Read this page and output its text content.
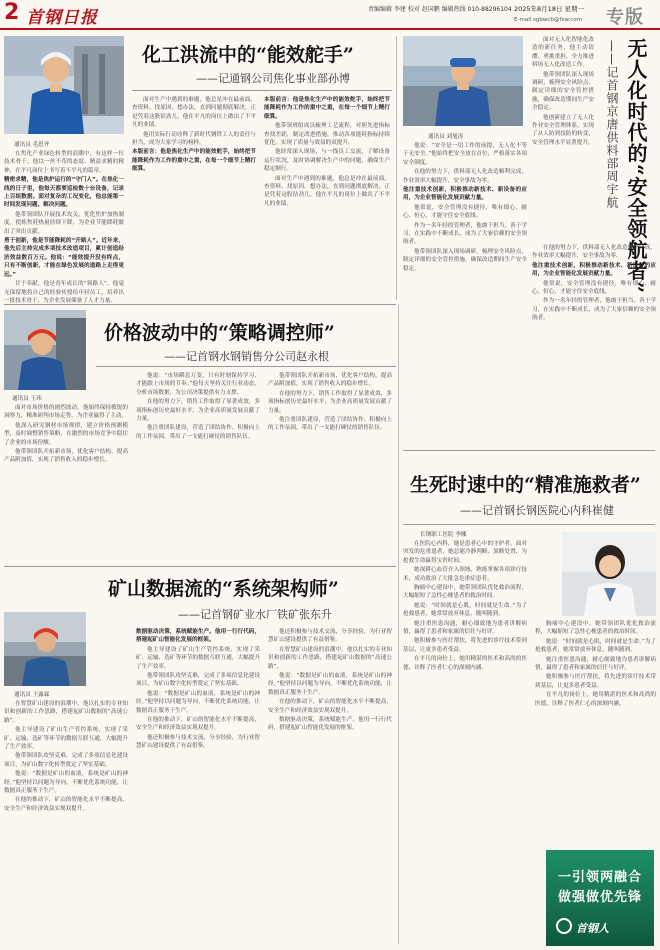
2 首钢日报	责编编辑 李建 校对 赵国鹏 编辑热线 010-88296104 2025年8月18日 星期一
E-mail sgbwcb@fxw.com 专版
通讯员 毛思齐

在焦化产业绿色转型的浪潮中，有这样一位技术骨干。他以一丝不苟的态度、精益求精的精神，在平凡岗位上书写着不平凡的篇章。

精密求精，他是焦炉运行的“守门人”。在焦化一线的日子里，他每天都要巡检数十台设备，记录上百组数据。面对复杂的工况变化，他总能第一时间发现问题、解决问题。

他带领团队开展技术攻关，优化焦炉加热制度，使炼焦耗热量持续下降，为企业节能降耗做出了突出贡献。

勇于创新，他是节能降耗的“开路人”。近年来，他先后主持完成多项技术改造项目，累计创造经济效益数百万元。他说：“能效提升没有终点，只有不断创新，才能在绿色发展的道路上走得更远。”

甘于奉献，他是青年成长的“领路人”。他毫无保留地将自己的经验传授给年轻员工，培养出一批技术骨干，为企业发展储备了人才力量。

化工洪流中的“能效舵手”
——记通钢公司焦化事业部孙博

面对生产中遇到的难题，他总是冲在最前面，查资料、找原因、想办法，直到问题彻底解决。正是凭着这股钻劲儿，他在平凡的岗位上做出了不平凡的业绩。

他用实际行动诠释了新时代钢铁工人的责任与担当，成为大家学习的榜样。

本版前言：他是焦化生产中的能效舵手，始终把节能降耗作为工作的重中之重，在每一个细节上精打细算。

本版前言：他是焦化生产中的能效舵手，始终把节能降耗作为工作的重中之重，在每一个细节上精打细算。

他带领班组成员梳理工艺流程，对照先进指标查找差距，制定改进措施，推动各项能耗指标持续优化，实现了质量与效益的双提升。

他经常深入现场，与一线员工交流，了解设备运行状况，及时协调解决生产中的问题，确保生产稳定顺行。

面对生产中遇到的难题，他总是冲在最前面，查资料、找原因、想办法，直到问题彻底解决。正是凭着这股钻劲儿，他在平凡的岗位上做出了不平凡的业绩。

通讯员 刘旭涛	无人化时代的“安全领航者”
——记首钢京唐供料部周宇航

面对无人化智能化改造的新任务，他主动请缨、勇挑重担，全力推进料场无人化改造工作。

他带领团队深入现场调研，梳理安全风险点，制定详细的安全管控措施，确保改造期间生产安全稳定。

他创新建立了无人化作业安全管理体系，实现了从人防到技防的转变，安全管理水平显著提升。

他说：“安全是一切工作的前提，无人化不等于无安全。”他始终把安全放在首位，严格落实各项安全制度。

在他的努力下，供料部无人化改造顺利完成，作业效率大幅提升，安全事故为零。

他注重技术创新，积极推动新技术、新设备的应用，为企业智能化发展贡献力量。

他常说，安全管理没有捷径，唯有细心、耐心、恒心，才能守住安全底线。

作为一名年轻的管理者，他敢于担当、善于学习，在实践中不断成长，成为了大家信赖的安全领航者。

他带领团队深入现场调研，梳理安全风险点，制定详细的安全管控措施，确保改造期间生产安全稳定。

在他的努力下，供料部无人化改造顺利完成，作业效率大幅提升，安全事故为零。

他注重技术创新，积极推动新技术、新设备的应用，为企业智能化发展贡献力量。

他常说，安全管理没有捷径，唯有细心、耐心、恒心，才能守住安全底线。

作为一名年轻的管理者，他敢于担当、善于学习，在实践中不断成长，成为了大家信赖的安全领航者。

通讯员 王玮
价格波动中的“策略调控师”
——记首钢水钢销售分公司赵永根

面对市场价格的剧烈波动，他始终保持敏锐的洞察力，精准研判市场走势，为企业赢得了主动。

他深入研究钢材市场规律，建立价格预测模型，及时调整销售策略，在激烈的市场竞争中稳住了企业的市场份额。

他带领团队开拓新市场，优化客户结构，提高产品附加值，实现了销售收入的稳步增长。

他说：“市场瞬息万变，只有时刻保持学习，才能跟上市场的节奏。”他每天坚持关注行业动态，分析市场数据，为公司决策提供有力支撑。

在他的努力下，销售工作取得了显著成效，多项指标创历史最好水平，为企业高质量发展贡献了力量。

他注重团队建设，营造了团结协作、积极向上的工作氛围，带出了一支能打硬仗的销售队伍。

他带领团队开拓新市场，优化客户结构，提高产品附加值，实现了销售收入的稳步增长。

在他的努力下，销售工作取得了显著成效，多项指标创历史最好水平，为企业高质量发展贡献了力量。

他注重团队建设，营造了团结协作、积极向上的工作氛围，带出了一支能打硬仗的销售队伍。

生死时速中的“精准施救者”
——记首钢长钢医院心内科崔健
长钢职工医院 李娜

在医院心内科，她是患者心中的守护者。面对突发的危重患者，她总能冷静判断、果断处置，为抢救生命赢得宝贵时间。

她深耕心血管介入领域，熟练掌握各项诊疗技术，成功救治了大批急危重症患者。

胸痛中心建设中，她带领团队优化救治流程，大幅缩短了急性心梗患者的救治时间。

她说：“时间就是心肌，时间就是生命。”为了抢救患者，她常常放弃休息，随叫随到。

她注重医患沟通，耐心细致地为患者讲解病情，赢得了患者和家属的信任与好评。

她积极参与医疗帮扶，将先进的诊疗技术带到基层，让更多患者受益。

在平凡的岗位上，她用精湛的医术和高尚的医德，诠释了医者仁心的深刻内涵。

胸痛中心建设中，她带领团队优化救治流程，大幅缩短了急性心梗患者的救治时间。

她说：“时间就是心肌，时间就是生命。”为了抢救患者，她常常放弃休息，随叫随到。

她注重医患沟通，耐心细致地为患者讲解病情，赢得了患者和家属的信任与好评。

她积极参与医疗帮扶，将先进的诊疗技术带到基层，让更多患者受益。

在平凡的岗位上，她用精湛的医术和高尚的医德，诠释了医者仁心的深刻内涵。

矿山数据流的“系统架构师”
——记首钢矿业水厂铁矿张东升
通讯员 王露霖

在智慧矿山建设的浪潮中，他以扎实的专业知识和创新的工作思路，搭建起矿山数据的“高速公路”。

他主导建设了矿山生产管控系统，实现了采矿、运输、选矿等环节的数据互联互通，大幅提升了生产效率。

他带领团队攻坚克难，完成了多项信息化建设项目，为矿山数字化转型奠定了坚实基础。

他说：“数据是矿山的血液，系统是矿山的神经。”他坚持以问题为导向，不断优化系统功能，让数据真正服务于生产。

在他的推动下，矿山的智能化水平不断提高，安全生产和经济效益实现双提升。

数据驱动决策，系统赋能生产。他用一行行代码，搭建起矿山智能化发展的框架。

他主导建设了矿山生产管控系统，实现了采矿、运输、选矿等环节的数据互联互通，大幅提升了生产效率。

他带领团队攻坚克难，完成了多项信息化建设项目，为矿山数字化转型奠定了坚实基础。

他说：“数据是矿山的血液，系统是矿山的神经。”他坚持以问题为导向，不断优化系统功能，让数据真正服务于生产。

在他的推动下，矿山的智能化水平不断提高，安全生产和经济效益实现双提升。

他还积极参与技术交流，分享经验，为行业智慧矿山建设提供了有益借鉴。

他还积极参与技术交流，分享经验，为行业智慧矿山建设提供了有益借鉴。

在智慧矿山建设的浪潮中，他以扎实的专业知识和创新的工作思路，搭建起矿山数据的“高速公路”。

他说：“数据是矿山的血液，系统是矿山的神经。”他坚持以问题为导向，不断优化系统功能，让数据真正服务于生产。

在他的推动下，矿山的智能化水平不断提高，安全生产和经济效益实现双提升。

数据驱动决策，系统赋能生产。他用一行行代码，搭建起矿山智能化发展的框架。

一引领两融合
做强做优先锋
首钢人
